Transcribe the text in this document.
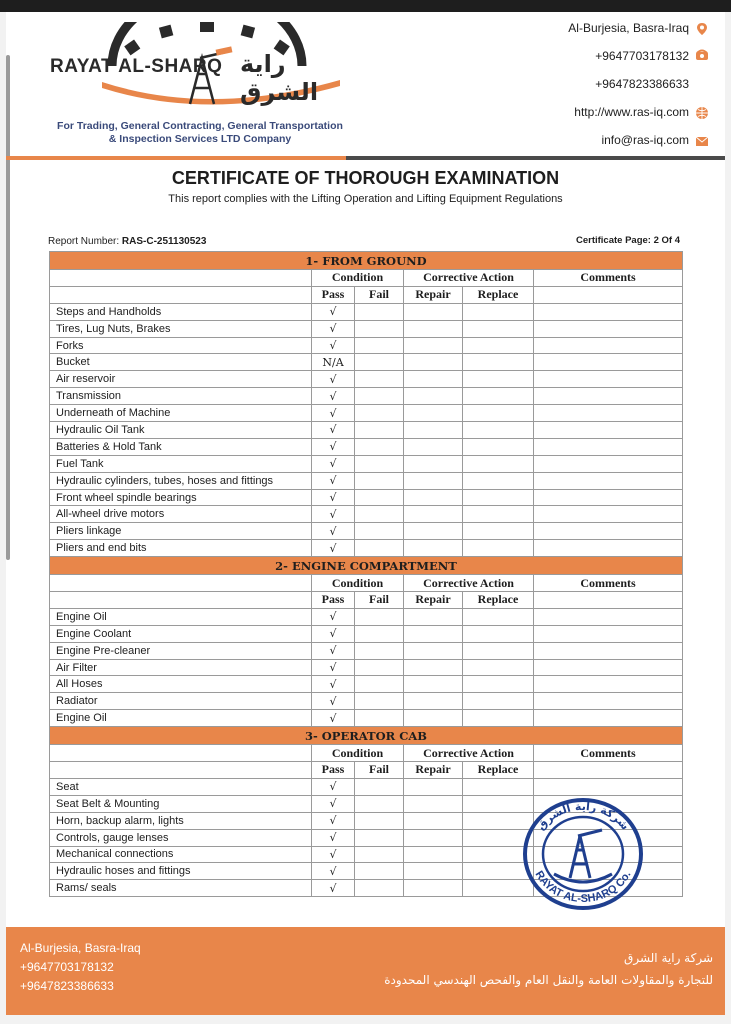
RAYAT AL-SHARQ راية الشرق
For Trading, General Contracting, General Transportation
& Inspection Services LTD Company
Al-Burjesia, Basra-Iraq
+9647703178132
+9647823386633
http://www.ras-iq.com
info@ras-iq.com
CERTIFICATE OF THOROUGH EXAMINATION
This report complies with the Lifting Operation and Lifting Equipment Regulations
Report Number: RAS-C-251130523	Certificate Page: 2 Of 4
1- FROM GROUND					
	Condition		Corrective Action		Comments
	Pass	Fail	Repair	Replace	
Steps and Handholds	√				
Tires, Lug Nuts, Brakes	√				
Forks	√				
Bucket	N/A				
Air reservoir	√				
Transmission	√				
Underneath of Machine	√				
Hydraulic Oil Tank	√				
Batteries & Hold Tank	√				
Fuel Tank	√				
Hydraulic cylinders, tubes, hoses and fittings	√				
Front wheel spindle bearings	√				
All-wheel drive motors	√				
Pliers linkage	√				
Pliers and end bits	√				
2- ENGINE COMPARTMENT					
	Condition		Corrective Action		Comments
	Pass	Fail	Repair	Replace	
Engine Oil	√				
Engine Coolant	√				
Engine Pre-cleaner	√				
Air Filter	√				
All Hoses	√				
Radiator	√				
Engine Oil	√				
3- OPERATOR CAB					
	Condition		Corrective Action		Comments
	Pass	Fail	Repair	Replace	
Seat	√				
Seat Belt & Mounting	√				
Horn, backup alarm, lights	√				
Controls, gauge lenses	√				
Mechanical connections	√				
Hydraulic hoses and fittings	√				
Rams/ seals	√				
شركة راية الشرق
RAYAT AL-SHARQ Co.
Al-Burjesia, Basra-Iraq
+9647703178132
+9647823386633
شركة راية الشرق
للتجارة والمقاولات العامة والنقل العام والفحص الهندسي المحدودة
